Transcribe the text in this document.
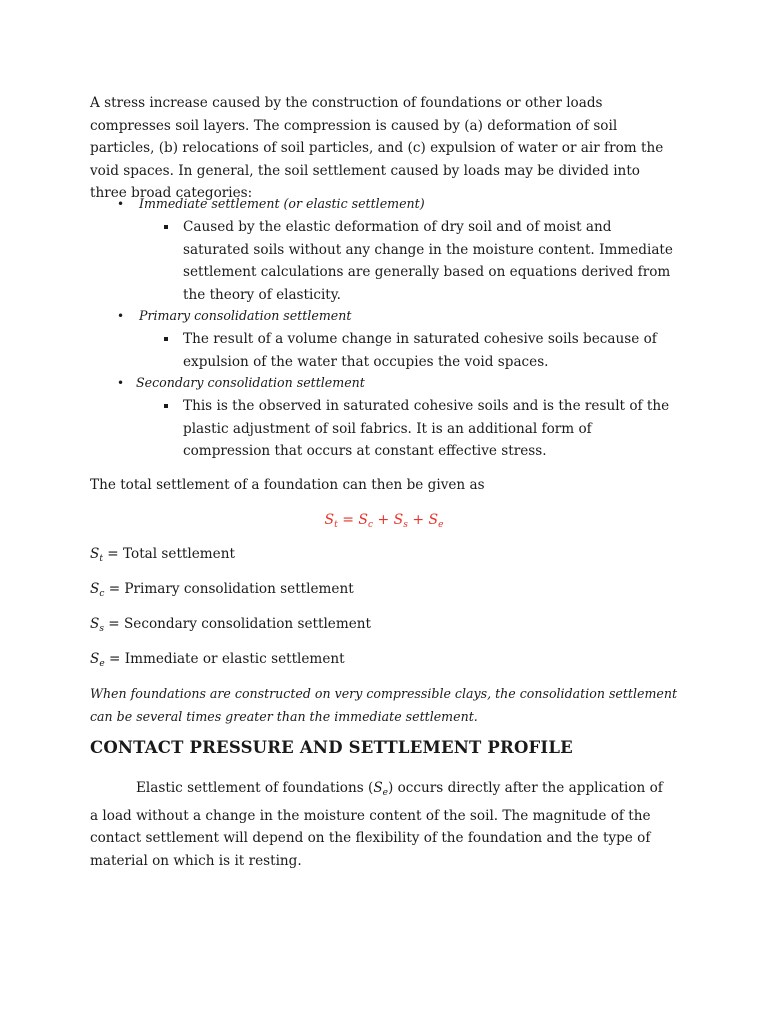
A stress increase caused by the construction of foundations or other loads compresses soil layers. The compression is caused by (a) deformation of soil particles, (b) relocations of soil particles, and (c) expulsion of water or air from the void spaces. In general, the soil settlement caused by loads may be divided into three broad categories:

• Immediate settlement (or elastic settlement)

Caused by the elastic deformation of dry soil and of moist and saturated soils without any change in the moisture content. Immediate settlement calculations are generally based on equations derived from the theory of elasticity.

• Primary consolidation settlement

The result of a volume change in saturated cohesive soils because of expulsion of the water that occupies the void spaces.

• Secondary consolidation settlement

This is the observed in saturated cohesive soils and is the result of the plastic adjustment of soil fabrics. It is an additional form of compression that occurs at constant effective stress.

The total settlement of a foundation can then be given as

$S_t = S_c + S_s + S_e$
$S_t$ = Total settlement
$S_c$ = Primary consolidation settlement
$S_s$ = Secondary consolidation settlement
$S_e$ = Immediate or elastic settlement

When foundations are constructed on very compressible clays, the consolidation settlement can be several times greater than the immediate settlement.

CONTACT PRESSURE AND SETTLEMENT PROFILE

Elastic settlement of foundations $(S_e)$ occurs directly after the application of a load without a change in the moisture content of the soil. The magnitude of the contact settlement will depend on the flexibility of the foundation and the type of material on which is it resting.
